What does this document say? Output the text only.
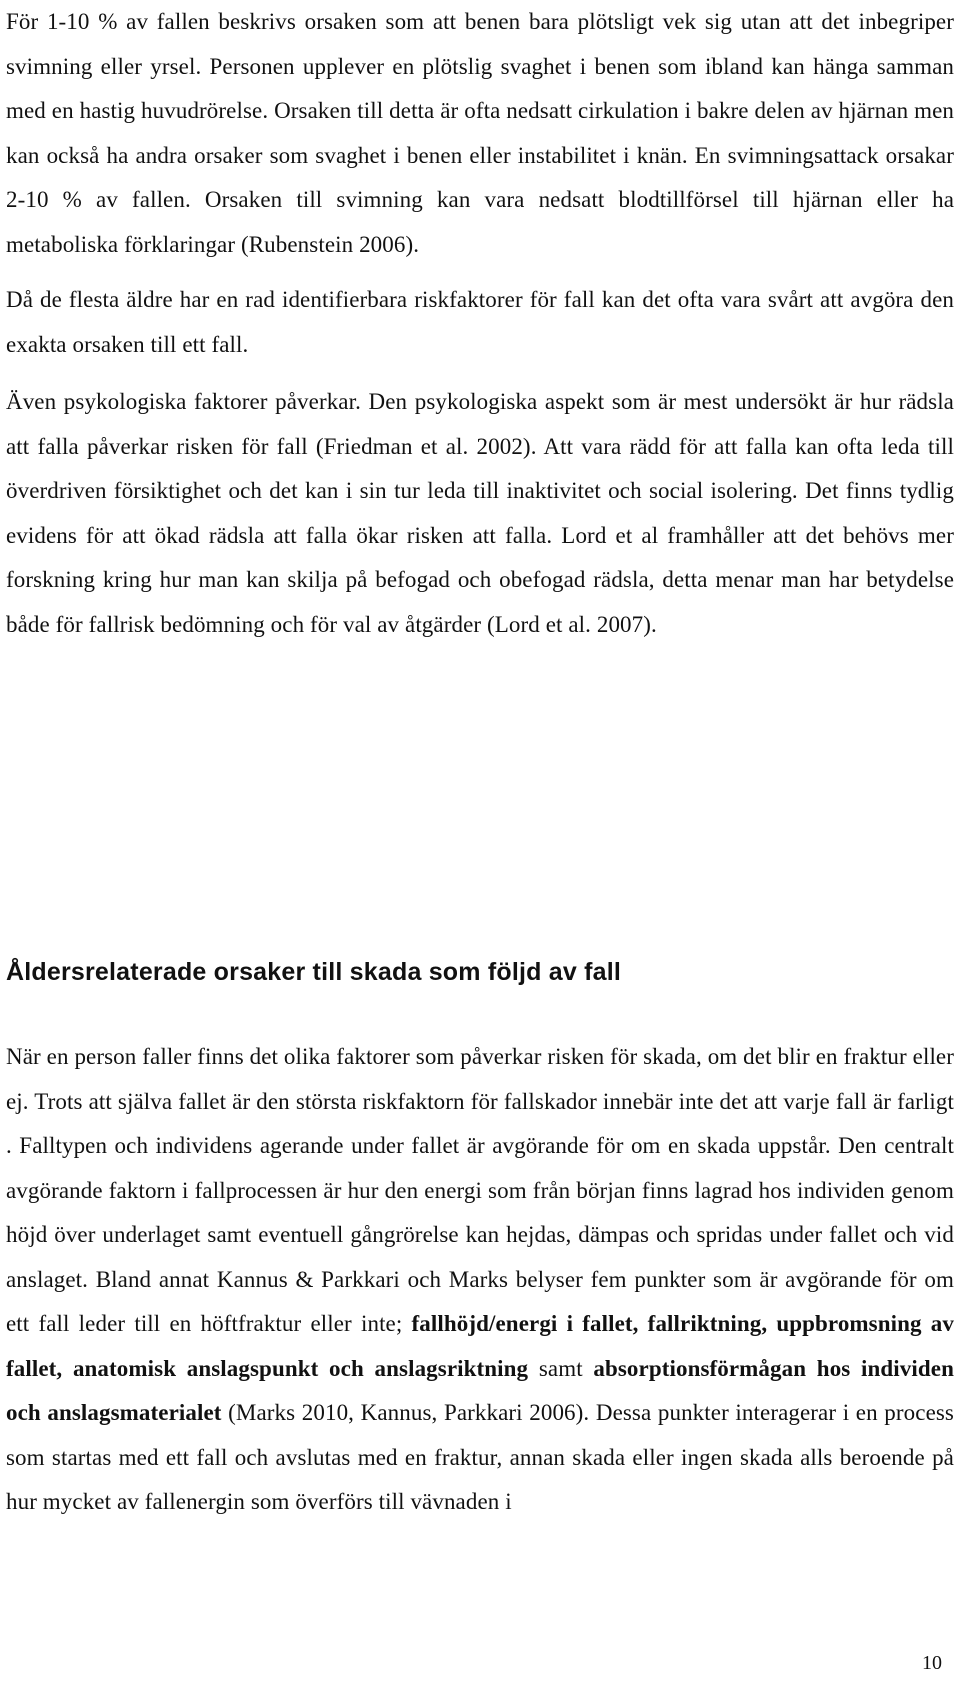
För 1-10 % av fallen beskrivs orsaken som att benen bara plötsligt vek sig utan att det inbegriper svimning eller yrsel. Personen upplever en plötslig svaghet i benen som ibland kan hänga samman med en hastig huvudrörelse. Orsaken till detta är ofta nedsatt cirkulation i bakre delen av hjärnan men kan också ha andra orsaker som svaghet i benen eller instabilitet i knän. En svimningsattack orsakar 2-10 % av fallen. Orsaken till svimning kan vara nedsatt blodtillförsel till hjärnan eller ha metaboliska förklaringar (Rubenstein 2006).

Då de flesta äldre har en rad identifierbara riskfaktorer för fall kan det ofta vara svårt att avgöra den exakta orsaken till ett fall.

Även psykologiska faktorer påverkar. Den psykologiska aspekt som är mest undersökt är hur rädsla att falla påverkar risken för fall (Friedman et al. 2002). Att vara rädd för att falla kan ofta leda till överdriven försiktighet och det kan i sin tur leda till inaktivitet och social isolering. Det finns tydlig evidens för att ökad rädsla att falla ökar risken att falla. Lord et al framhåller att det behövs mer forskning kring hur man kan skilja på befogad och obefogad rädsla, detta menar man har betydelse både för fallrisk bedömning och för val av åtgärder (Lord et al. 2007).

Åldersrelaterade orsaker till skada som följd av fall

När en person faller finns det olika faktorer som påverkar risken för skada, om det blir en fraktur eller ej. Trots att själva fallet är den största riskfaktorn för fallskador innebär inte det att varje fall är farligt . Falltypen och individens agerande under fallet är avgörande för om en skada uppstår. Den centralt avgörande faktorn i fallprocessen är hur den energi som från början finns lagrad hos individen genom höjd över underlaget samt eventuell gångrörelse kan hejdas, dämpas och spridas under fallet och vid anslaget. Bland annat Kannus & Parkkari och Marks belyser fem punkter som är avgörande för om ett fall leder till en höftfraktur eller inte; fallhöjd/energi i fallet, fallriktning, uppbromsning av fallet, anatomisk anslagspunkt och anslagsriktning samt absorptionsförmågan hos individen och anslagsmaterialet (Marks 2010, Kannus, Parkkari 2006). Dessa punkter interagerar i en process som startas med ett fall och avslutas med en fraktur, annan skada eller ingen skada alls beroende på hur mycket av fallenergin som överförs till vävnaden i

10
